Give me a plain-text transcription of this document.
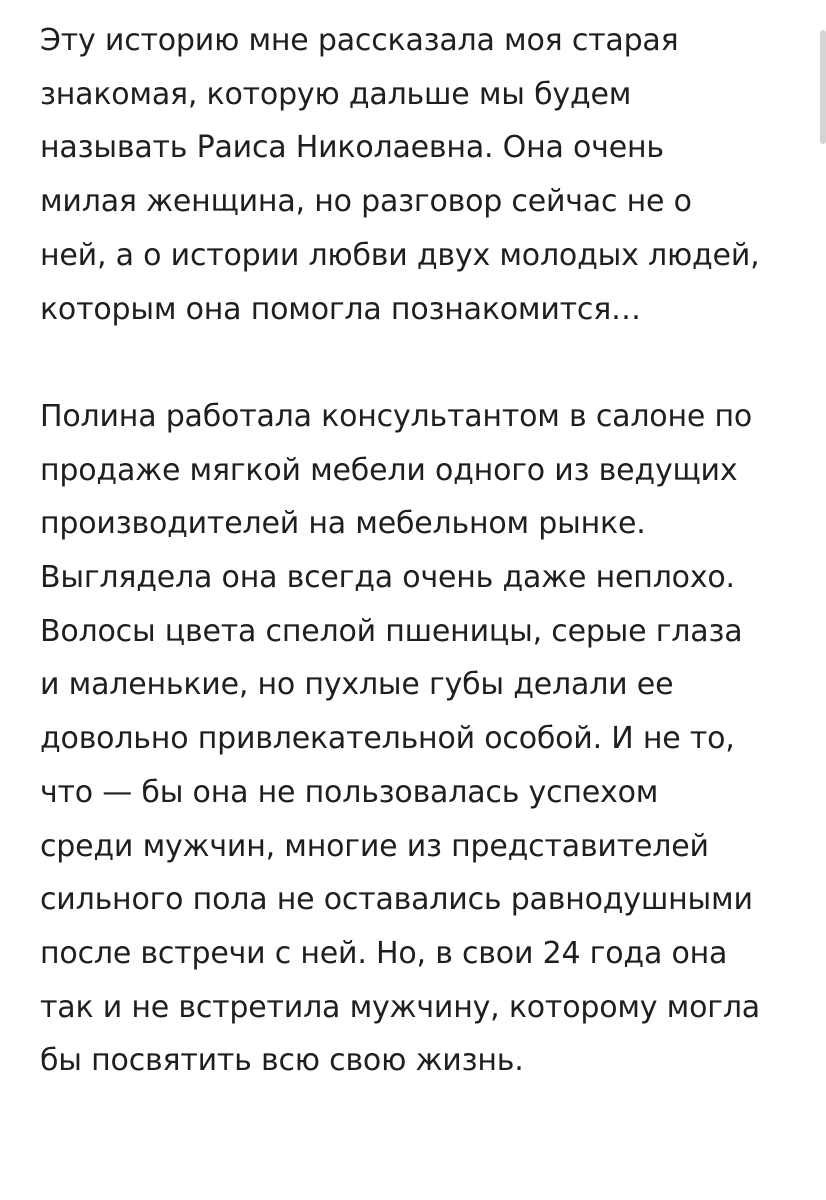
Эту историю мне рассказала моя старая знакомая, которую дальше мы будем называть Раиса Николаевна. Она очень милая женщина, но разговор сейчас не о ней, а о истории любви двух молодых людей, которым она помогла познакомится…

Полина работала консультантом в салоне по продаже мягкой мебели одного из ведущих производителей на мебельном рынке. Выглядела она всегда очень даже неплохо. Волосы цвета спелой пшеницы, серые глаза и маленькие, но пухлые губы делали ее довольно привлекательной особой. И не то, что — бы она не пользовалась успехом среди мужчин, многие из представителей сильного пола не оставались равнодушными после встречи с ней. Но, в свои 24 года она так и не встретила мужчину, которому могла бы посвятить всю свою жизнь.
